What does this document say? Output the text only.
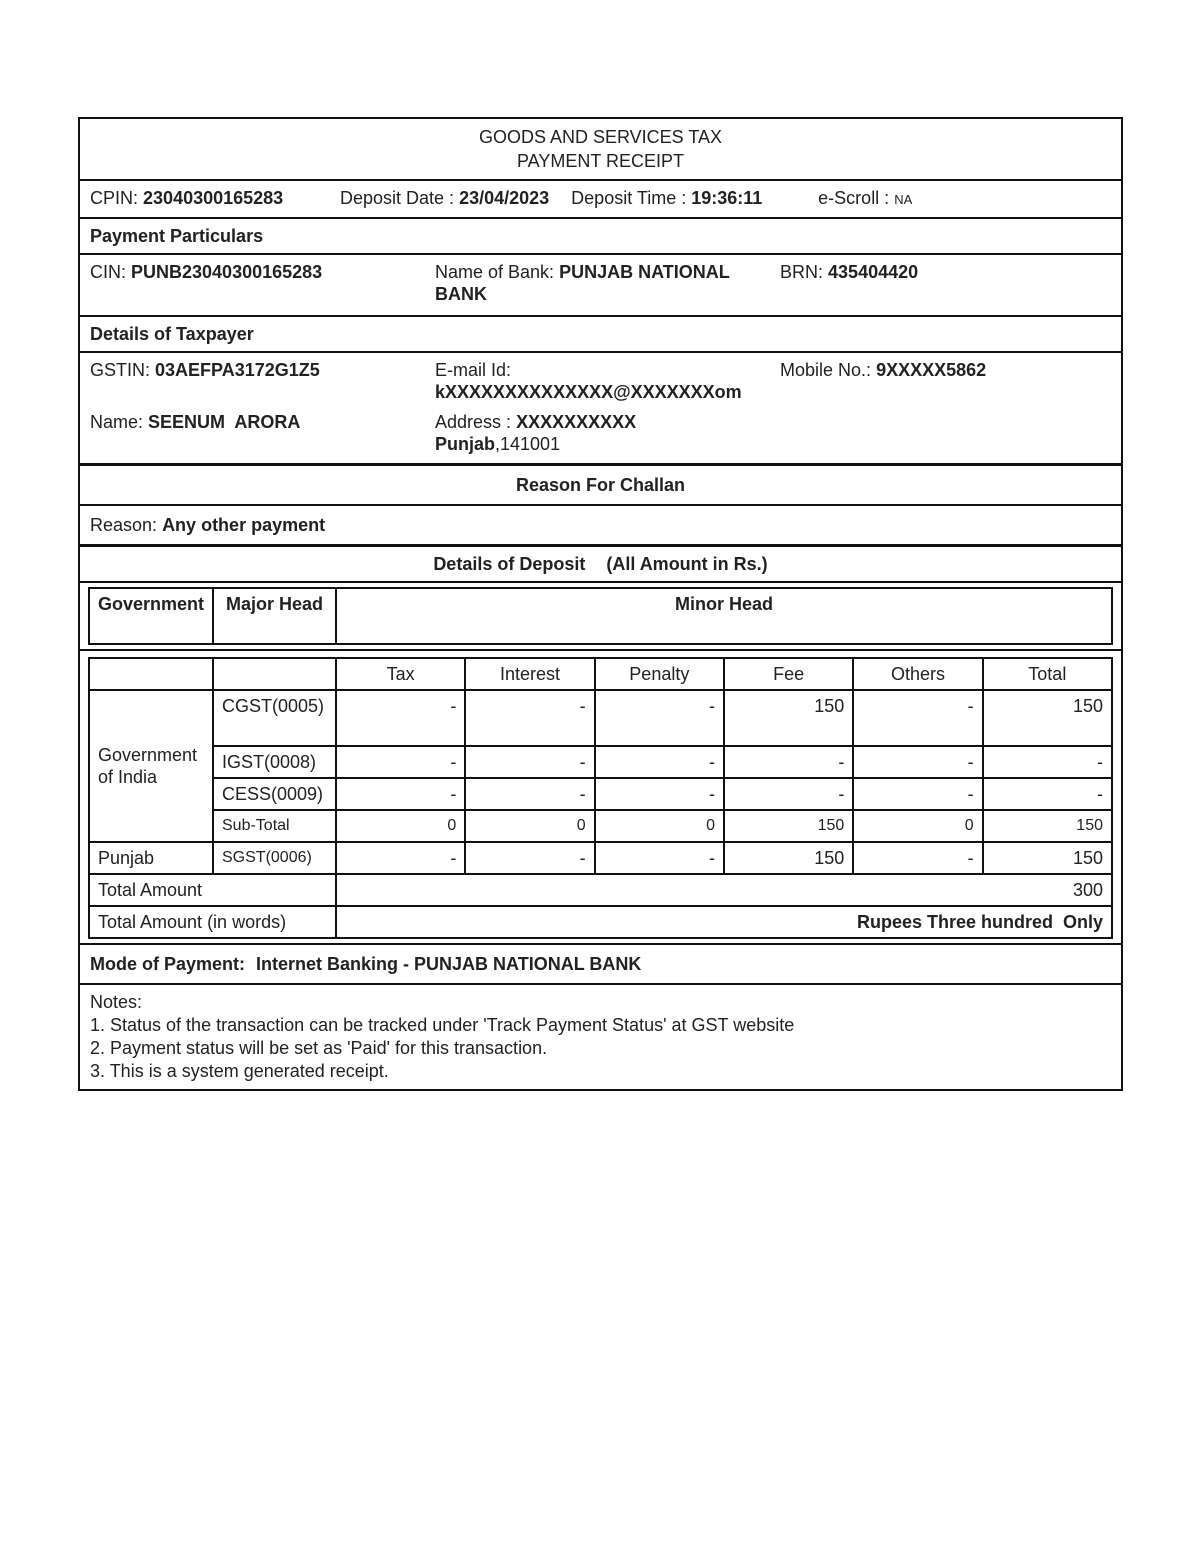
GOODS AND SERVICES TAX
PAYMENT RECEIPT
CPIN: 23040300165283	Deposit Date : 23/04/2023 Deposit Time : 19:36:11	e-Scroll : NA
Payment Particulars
CIN: PUNB23040300165283	Name of Bank: PUNJAB NATIONAL BANK
BRN: 435404420
Details of Taxpayer
GSTIN: 03AEFPA3172G1Z5	E-mail Id:
kXXXXXXXXXXXXXX@XXXXXXXom
Mobile No.: 9XXXXX5862
Name: SEENUM  ARORA	Address : XXXXXXXXXX
Punjab,141001
Reason For Challan
Reason: Any other payment
Details of Deposit (All Amount in Rs.)
Government	Major Head	Minor Head
		Tax	Interest	Penalty	Fee	Others	Total

Government
of India	CGST(0005)	-	-	-	150	-	150
	IGST(0008)	-	-	-	-	-	-
	CESS(0009)	-	-	-	-	-	-
	Sub-Total	0	0	0	150	0	150
Punjab	SGST(0006)	-	-	-	150	-	150
Total Amount		300					
Total Amount (in words)		Rupees Three hundred  Only					
Mode of Payment: Internet Banking - PUNJAB NATIONAL BANK
Notes:
1. Status of the transaction can be tracked under 'Track Payment Status' at GST website
2. Payment status will be set as 'Paid' for this transaction.
3. This is a system generated receipt.
